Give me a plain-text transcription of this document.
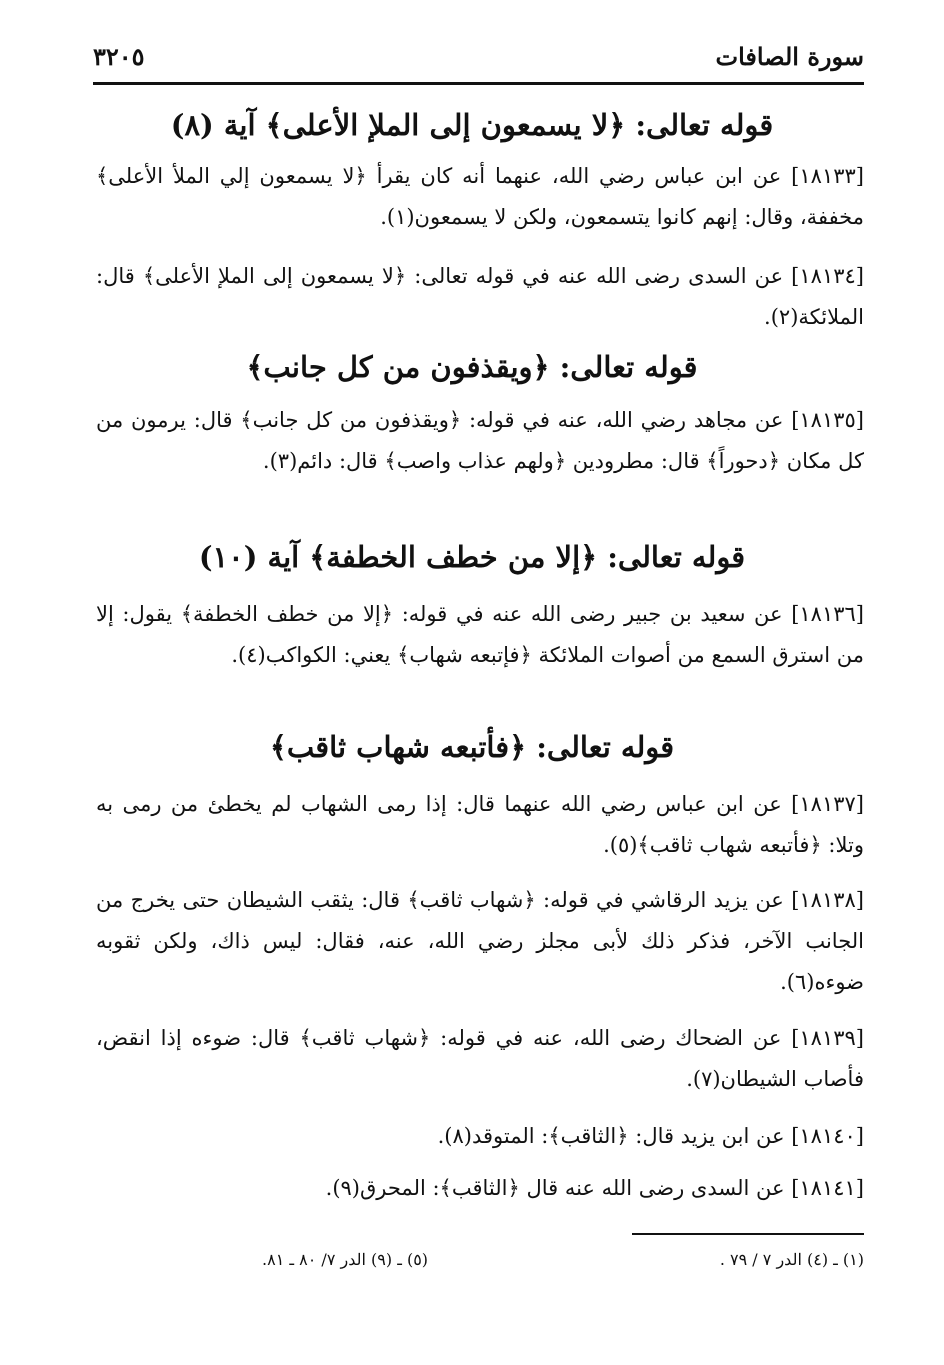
سورة الصافات
٣٢٠٥
قوله تعالى: ﴿لا يسمعون إلى الملإ الأعلى﴾ آية (٨)
[١٨١٣٣] عن ابن عباس رضي الله، عنهما أنه كان يقرأ ﴿لا يسمعون إلي الملأ الأعلى﴾ مخففة، وقال: إنهم كانوا يتسمعون، ولكن لا يسمعون(١).
[١٨١٣٤] عن السدى رضى الله عنه في قوله تعالى: ﴿لا يسمعون إلى الملإ الأعلى﴾ قال: الملائكة(٢).
قوله تعالى: ﴿ويقذفون من كل جانب﴾
[١٨١٣٥] عن مجاهد رضي الله، عنه في قوله: ﴿ويقذفون من كل جانب﴾ قال: يرمون من كل مكان ﴿دحوراً﴾ قال: مطرودين ﴿ولهم عذاب واصب﴾ قال: دائم(٣).
قوله تعالى: ﴿إلا من خطف الخطفة﴾ آية (١٠)
[١٨١٣٦] عن سعيد بن جبير رضى الله عنه في قوله: ﴿إلا من خطف الخطفة﴾ يقول: إلا من استرق السمع من أصوات الملائكة ﴿فإتبعه شهاب﴾ يعني: الكواكب(٤).
قوله تعالى: ﴿فأتبعه شهاب ثاقب﴾
[١٨١٣٧] عن ابن عباس رضي الله عنهما قال: إذا رمى الشهاب لم يخطئ من رمى به وتلا: ﴿فأتبعه شهاب ثاقب﴾(٥).
[١٨١٣٨] عن يزيد الرقاشي في قوله: ﴿شهاب ثاقب﴾ قال: يثقب الشيطان حتى يخرج من الجانب الآخر، فذكر ذلك لأبى مجلز رضي الله، عنه، فقال: ليس ذاك، ولكن ثقوبه ضوءه(٦).
[١٨١٣٩] عن الضحاك رضى الله، عنه في قوله: ﴿شهاب ثاقب﴾ قال: ضوءه إذا انقض، فأصاب الشيطان(٧).
[١٨١٤٠] عن ابن يزيد قال: ﴿الثاقب﴾: المتوقد(٨).
[١٨١٤١] عن السدى رضى الله عنه قال ﴿الثاقب﴾: المحرق(٩).
(١) ـ (٤) الدر ٧ / ٧٩ .
(٥) ـ (٩) الدر ٧/ ٨٠ ـ ٨١.
